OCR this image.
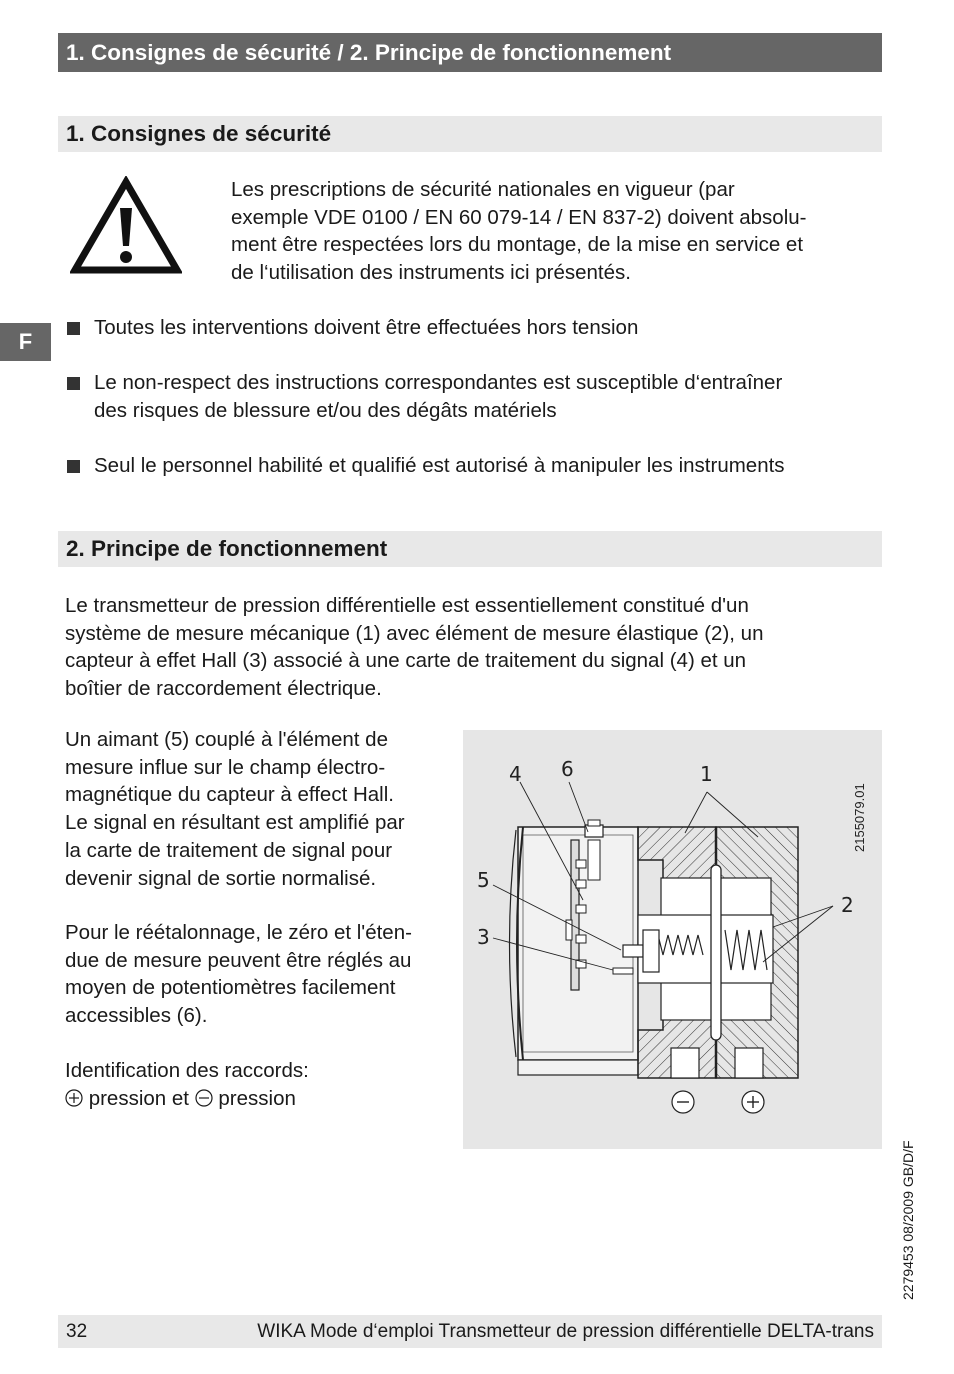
1. Consignes de sécurité / 2. Principe de fonctionnement
1. Consignes de sécurité
Les prescriptions de sécurité nationales en vigueur (par
exemple VDE 0100 / EN 60 079-14 / EN 837-2) doivent absolu-
ment être respectées lors du montage, de la mise en service et
de l‘utilisation des instruments ici présentés.
F
Toutes les interventions doivent être effectuées hors tension
Le non-respect des instructions correspondantes est susceptible d‘entraîner
des risques de blessure et/ou des dégâts matériels
Seul le personnel habilité et qualifié est autorisé à manipuler les instruments
2. Principe de fonctionnement
Le transmetteur de pression différentielle est essentiellement constitué d'un
système de mesure mécanique (1) avec élément de mesure élastique (2), un
capteur à effet Hall (3) associé à une carte de traitement du signal (4) et un
boîtier de raccordement électrique.
Un aimant (5) couplé à l'élément de
mesure influe sur le champ électro-
magnétique du capteur à effect Hall.
Le signal en résultant est amplifié par
la carte de traitement de signal pour
devenir signal de sortie normalisé.
Pour le réétalonnage, le zéro et l'éten-
due de mesure peuvent être réglés au
moyen de potentiomètres facilement
accessibles (6).
Identification des raccords:
pression et pression
4 6	1
5
3
2
2155079.01
2279453 08/2009 GB/D/F
32	WIKA Mode d‘emploi Transmetteur de pression différentielle DELTA-trans
